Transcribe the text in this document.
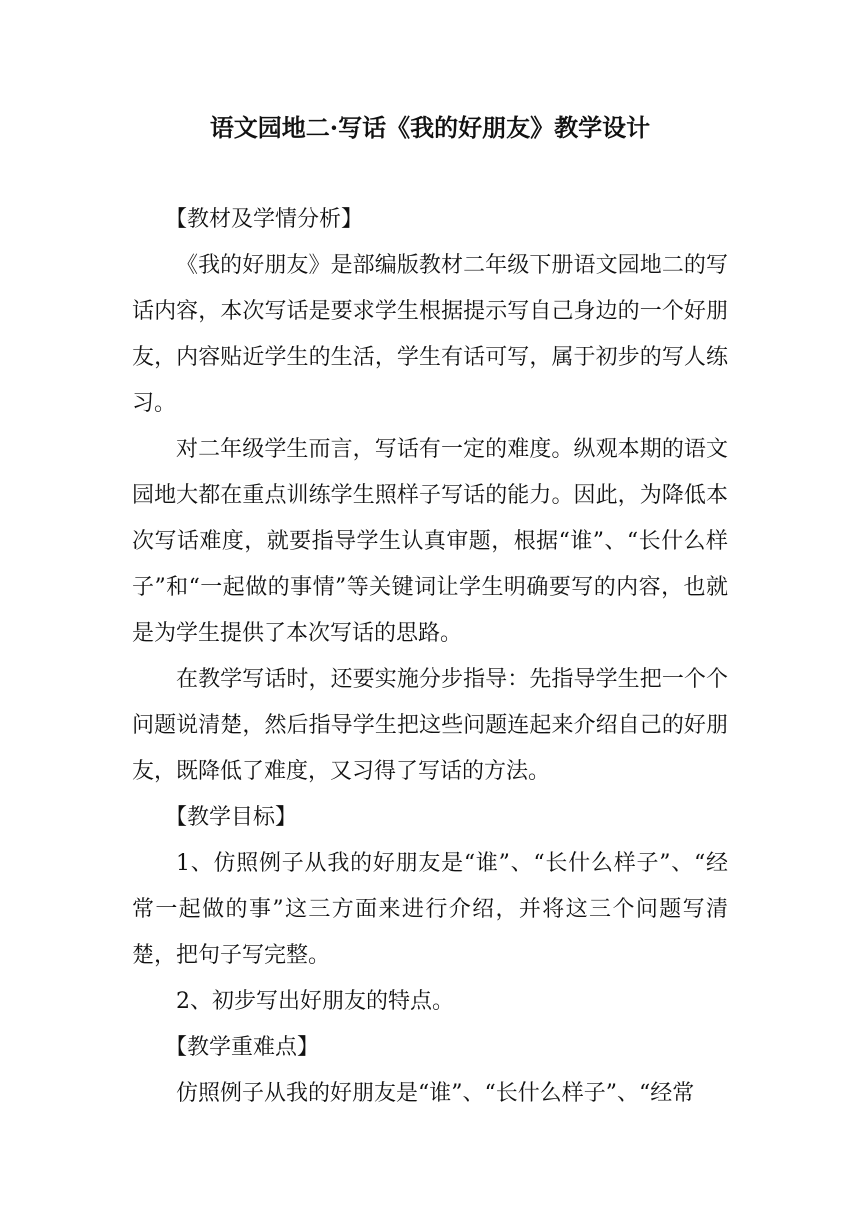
语文园地二·写话《我的好朋友》教学设计

【教材及学情分析】

《我的好朋友》是部编版教材二年级下册语文园地二的写话内容，本次写话是要求学生根据提示写自己身边的一个好朋友，内容贴近学生的生活，学生有话可写，属于初步的写人练习。

对二年级学生而言，写话有一定的难度。纵观本期的语文园地大都在重点训练学生照样子写话的能力。因此，为降低本次写话难度，就要指导学生认真审题，根据“谁”、“长什么样子”和“一起做的事情”等关键词让学生明确要写的内容，也就是为学生提供了本次写话的思路。

在教学写话时，还要实施分步指导：先指导学生把一个个问题说清楚，然后指导学生把这些问题连起来介绍自己的好朋友，既降低了难度，又习得了写话的方法。

【教学目标】

1、仿照例子从我的好朋友是“谁”、“长什么样子”、“经常一起做的事”这三方面来进行介绍，并将这三个问题写清楚，把句子写完整。

2、初步写出好朋友的特点。

【教学重难点】

仿照例子从我的好朋友是“谁”、“长什么样子”、“经常
